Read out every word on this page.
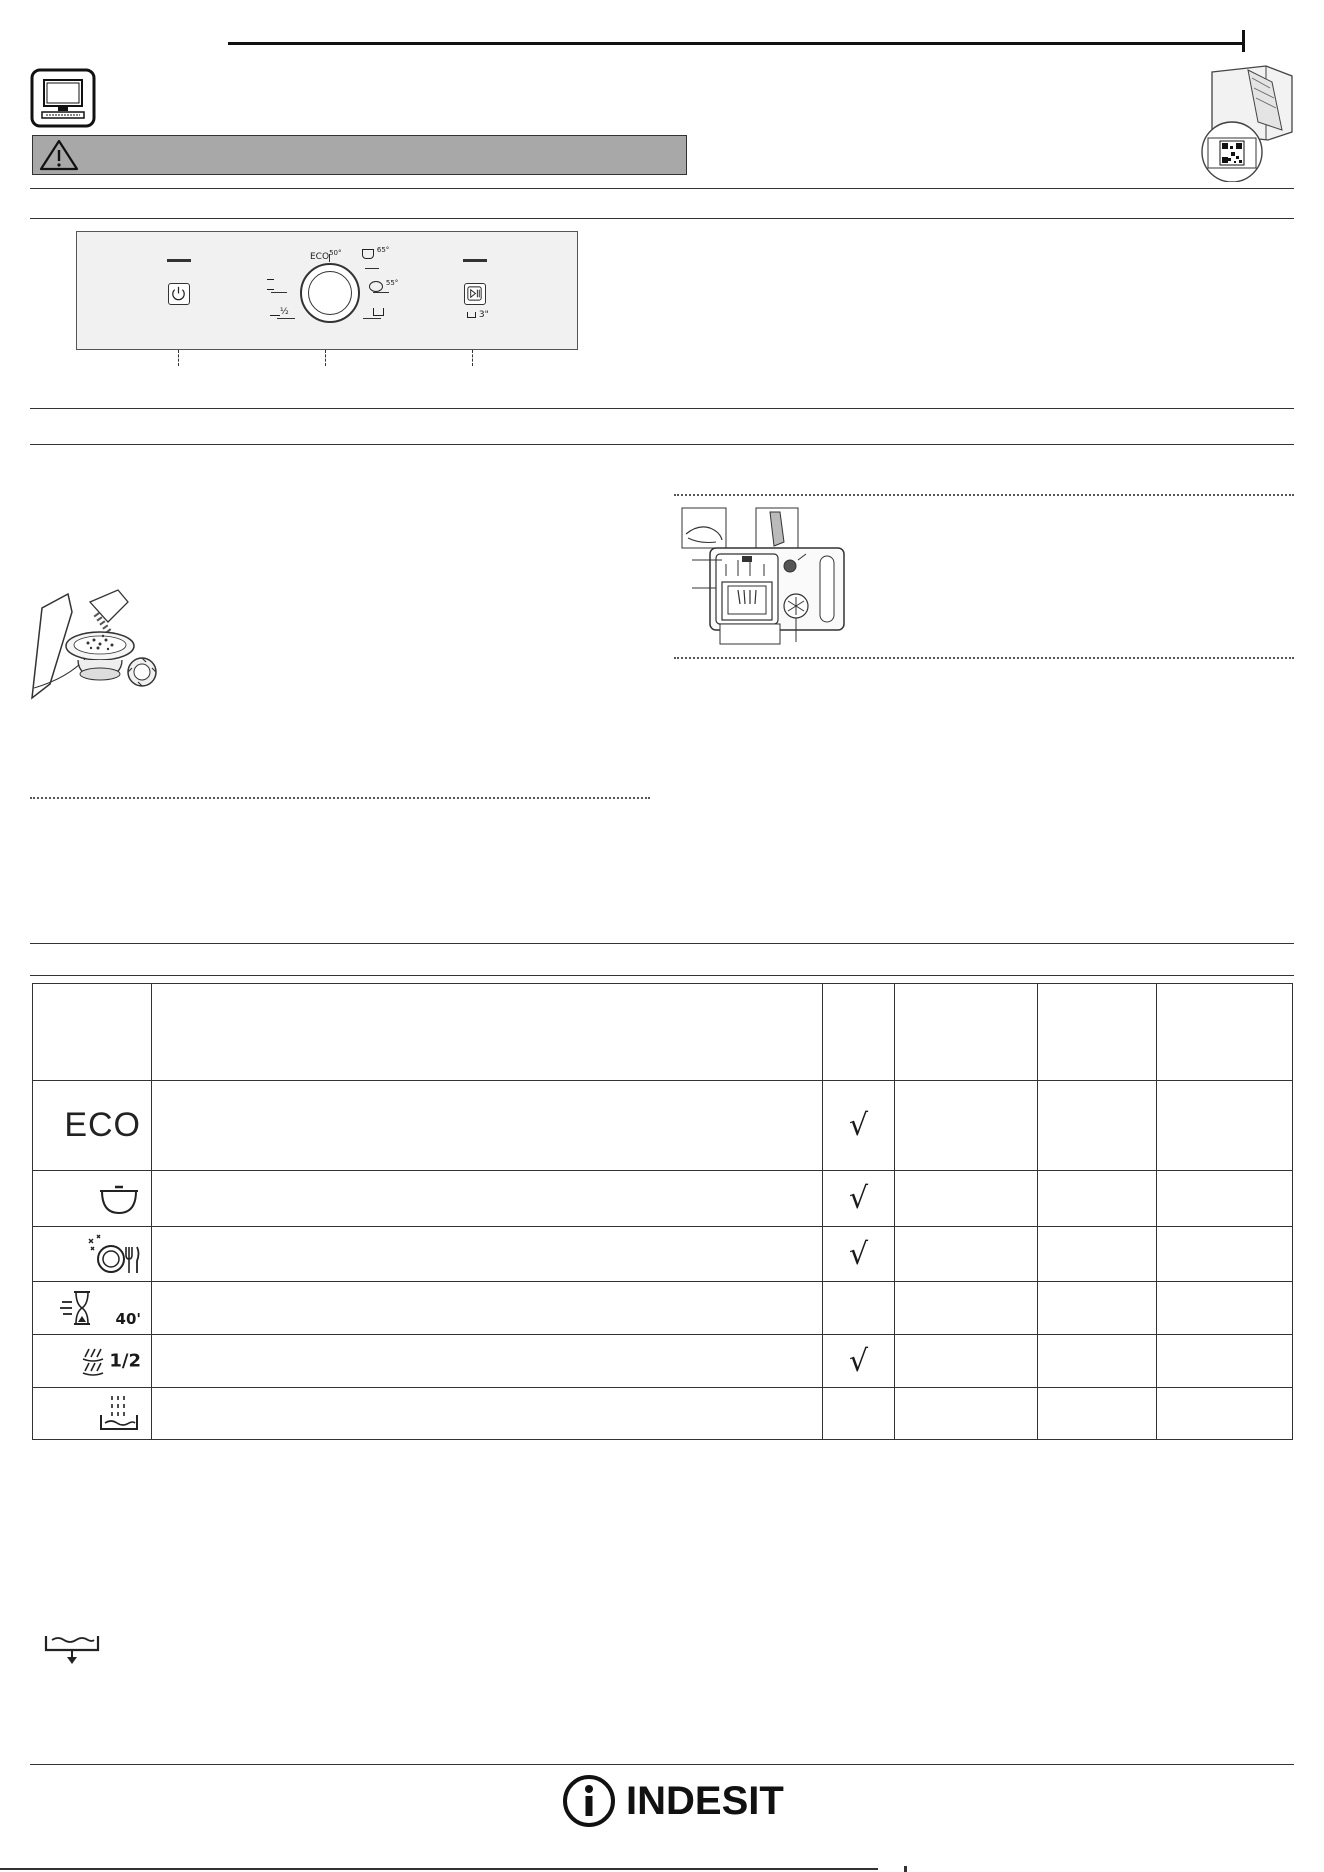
$ECO^{50^\circ}$	$^{65^\circ}$
$^{55^\circ}$
½	3"

ECO		√			
		√			
		√			
40'					
1/2		√			

INDESIT
